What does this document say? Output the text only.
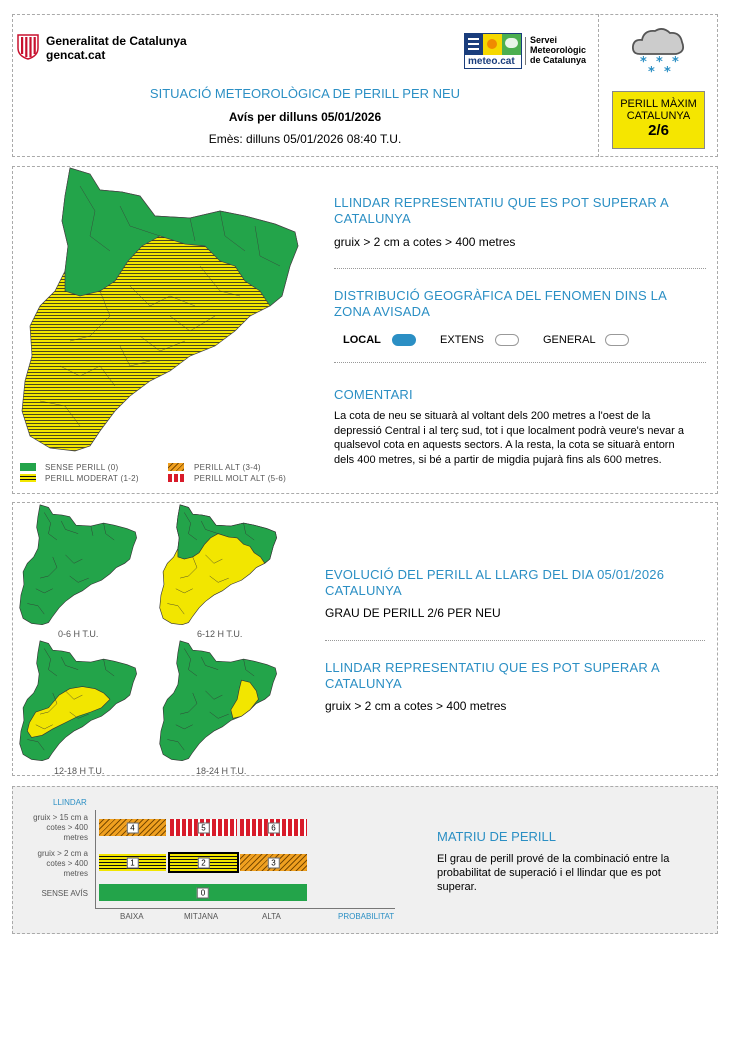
Generalitat de Catalunya
gencat.cat	meteo.cat
Servei
Meteorològic
de Catalunya
SITUACIÓ METEOROLÒGICA DE PERILL PER NEU
Avís per dilluns 05/01/2026
Emès: dilluns 05/01/2026 08:40 T.U.
* * *
* *
PERILL MÀXIM
CATALUNYA
2/6
SENSE PERILL (0)
PERILL MODERAT (1-2)
PERILL ALT (3-4)
PERILL MOLT ALT (5-6)
LLINDAR REPRESENTATIU QUE ES POT SUPERAR A CATALUNYA
gruix > 2 cm a cotes > 400 metres
DISTRIBUCIÓ GEOGRÀFICA DEL FENOMEN DINS LA ZONA AVISADA
LOCAL	EXTENS	GENERAL
COMENTARI
La cota de neu se situarà al voltant dels 200 metres a l'oest de la depressió Central i al terç sud, tot i que localment podrà veure's nevar a qualsevol cota en aquests sectors. A la resta, la cota se situarà entorn dels 400 metres, si bé a partir de migdia pujarà fins als 600 metres.
0-6 H T.U.	6-12 H T.U.
12-18 H T.U.	18-24 H T.U.
EVOLUCIÓ DEL PERILL AL LLARG DEL DIA 05/01/2026 CATALUNYA
GRAU DE PERILL 2/6 PER NEU
LLINDAR REPRESENTATIU QUE ES POT SUPERAR A CATALUNYA
gruix > 2 cm a cotes > 400 metres
LLINDAR
gruix > 15 cm a cotes > 400 metres
gruix > 2 cm a cotes > 400 metres
SENSE AVÍS
4	5	6
1	2	3
0
BAIXA	MITJANA	ALTA	PROBABILITAT
MATRIU DE PERILL
El grau de perill prové de la combinació entre la probabilitat de superació i el llindar que es pot superar.
